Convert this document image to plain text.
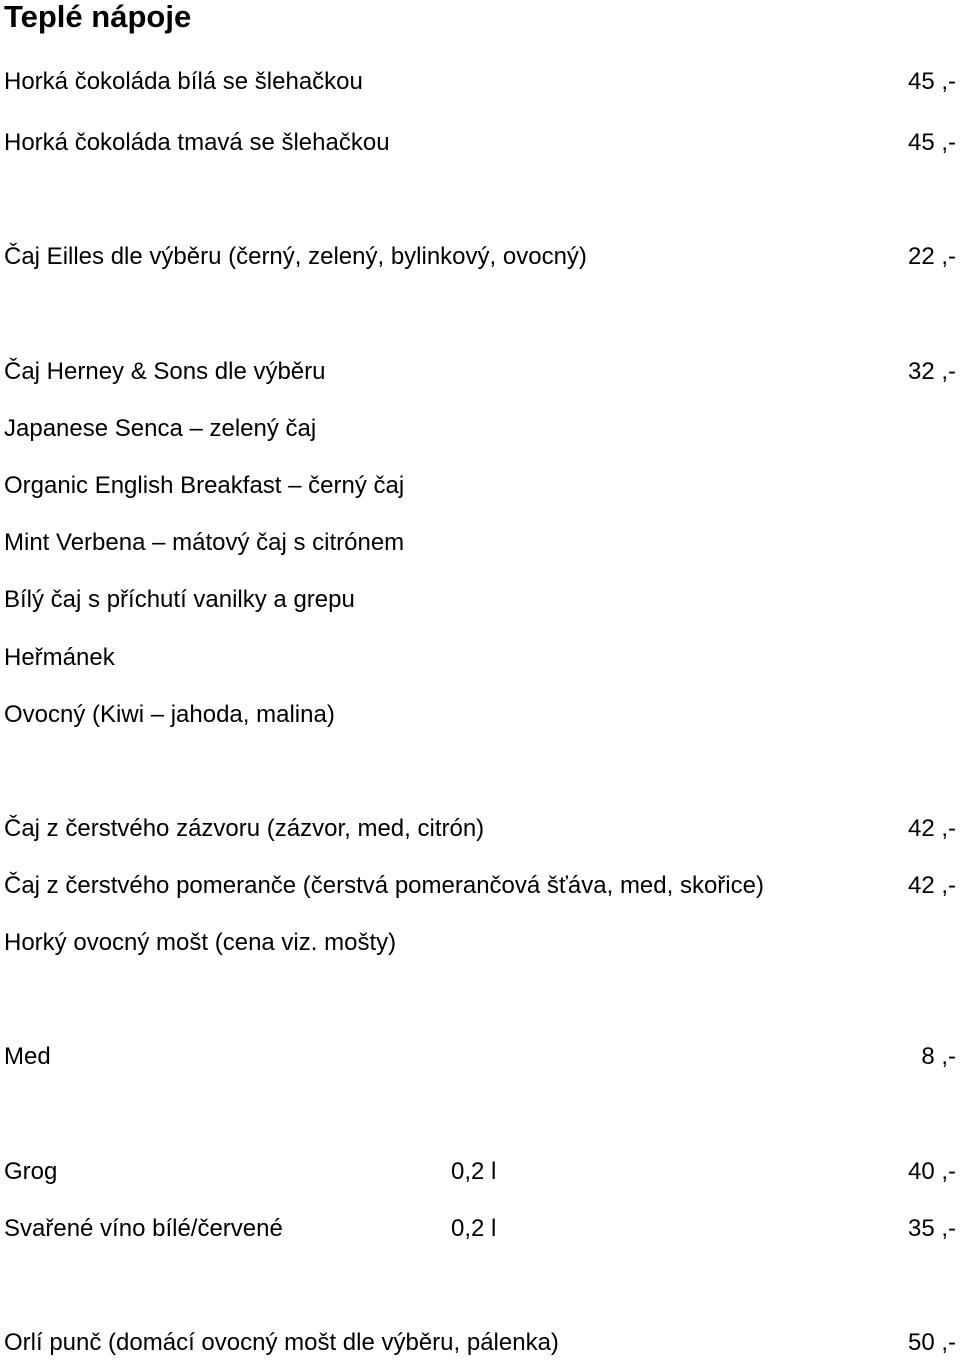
Teplé nápoje
Horká čokoláda bílá se šlehačkou	45 ,-
Horká čokoláda tmavá se šlehačkou	45 ,-
Čaj Eilles dle výběru (černý, zelený, bylinkový, ovocný)	22 ,-
Čaj Herney & Sons dle výběru	32 ,-
Japanese Senca – zelený čaj
Organic English Breakfast – černý čaj
Mint Verbena – mátový čaj s citrónem
Bílý čaj s příchutí vanilky a grepu
Heřmánek
Ovocný (Kiwi – jahoda, malina)
Čaj z čerstvého zázvoru (zázvor, med, citrón)	42 ,-
Čaj z čerstvého pomeranče (čerstvá pomerančová šťáva, med, skořice)	42 ,-
Horký ovocný mošt (cena viz. mošty)
Med	8 ,-
Grog	0,2 l	40 ,-
Svařené víno bílé/červené	0,2 l	35 ,-
Orlí punč (domácí ovocný mošt dle výběru, pálenka)	50 ,-
